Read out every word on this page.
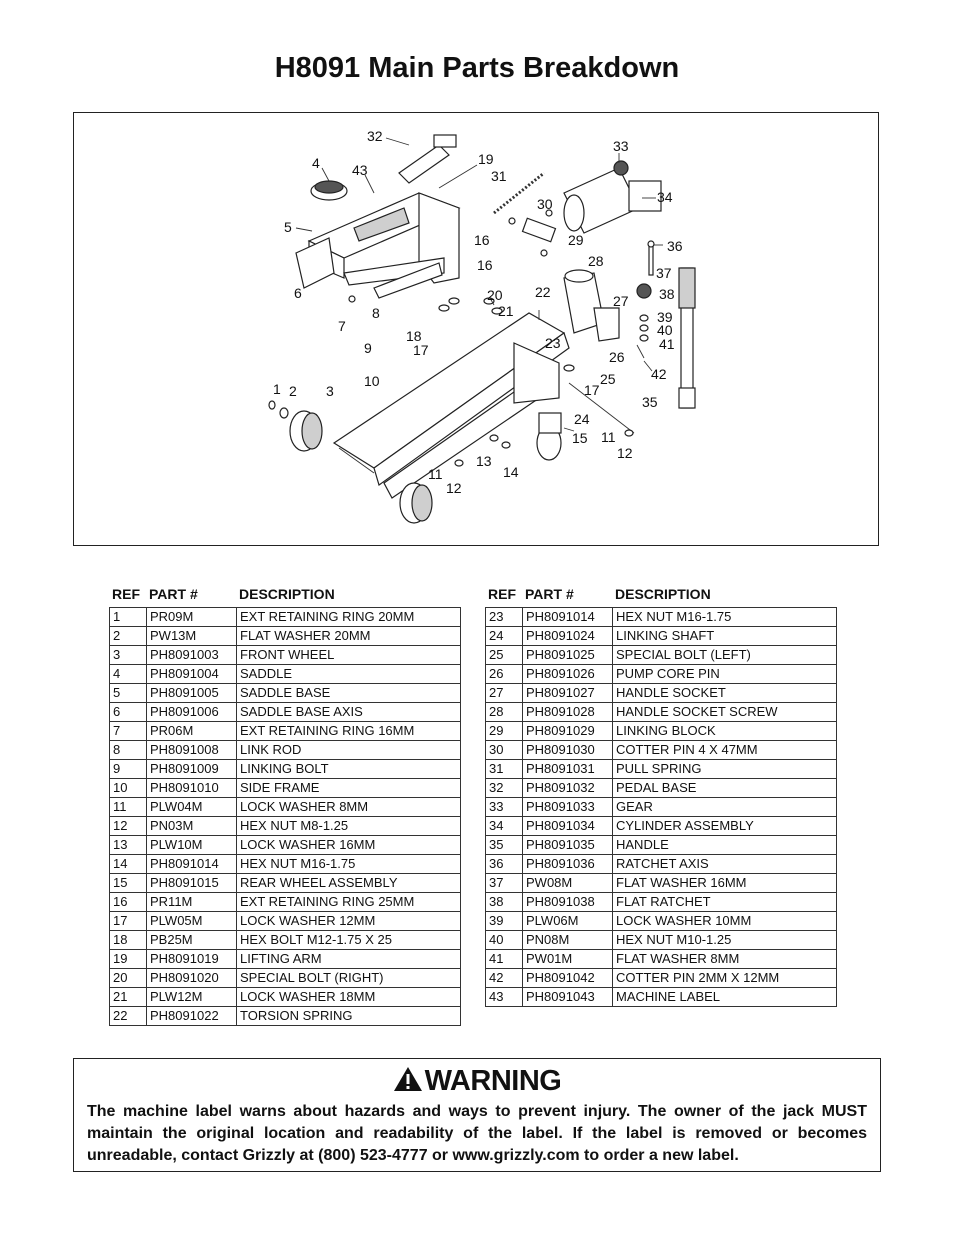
H8091 Main Parts Breakdown
32
4 43
19
33
31
5
30	34
16	29	36
16	28
37
6	20 22	38
27
21	39
40
7
8
18	41
9	17	23
26
42
25
1 2 3
10
17
35
24
15 11
12
13
14
11
12
REF PART #	DESCRIPTION
1	PR09M	EXT RETAINING RING 20MM
2	PW13M	FLAT WASHER 20MM
3	PH8091003	FRONT WHEEL
4	PH8091004	SADDLE
5	PH8091005	SADDLE BASE
6	PH8091006	SADDLE BASE AXIS
7	PR06M	EXT RETAINING RING 16MM
8	PH8091008	LINK ROD
9	PH8091009	LINKING BOLT
10	PH8091010	SIDE FRAME
11	PLW04M	LOCK WASHER 8MM
12	PN03M	HEX NUT M8-1.25
13	PLW10M	LOCK WASHER 16MM
14	PH8091014	HEX NUT M16-1.75
15	PH8091015	REAR WHEEL ASSEMBLY
16	PR11M	EXT RETAINING RING 25MM
17	PLW05M	LOCK WASHER 12MM
18	PB25M	HEX BOLT M12-1.75 X 25
19	PH8091019	LIFTING ARM
20	PH8091020	SPECIAL BOLT (RIGHT)
21	PLW12M	LOCK WASHER 18MM
22	PH8091022	TORSION SPRING
REF PART #	DESCRIPTION
23	PH8091014	HEX NUT M16-1.75
24	PH8091024	LINKING SHAFT
25	PH8091025	SPECIAL BOLT (LEFT)
26	PH8091026	PUMP CORE PIN
27	PH8091027	HANDLE SOCKET
28	PH8091028	HANDLE SOCKET SCREW
29	PH8091029	LINKING BLOCK
30	PH8091030	COTTER PIN 4 X 47MM
31	PH8091031	PULL SPRING
32	PH8091032	PEDAL BASE
33	PH8091033	GEAR
34	PH8091034	CYLINDER ASSEMBLY
35	PH8091035	HANDLE
36	PH8091036	RATCHET AXIS
37	PW08M	FLAT WASHER 16MM
38	PH8091038	FLAT RATCHET
39	PLW06M	LOCK WASHER 10MM
40	PN08M	HEX NUT M10-1.25
41	PW01M	FLAT WASHER 8MM
42	PH8091042	COTTER PIN 2MM X 12MM
43	PH8091043	MACHINE LABEL
WARNING
The machine label warns about hazards and ways to prevent injury. The owner of the jack MUST maintain the original location and readability of the label. If the label is removed or becomes unreadable, contact Grizzly at (800) 523-4777 or www.grizzly.com to order a new label.
